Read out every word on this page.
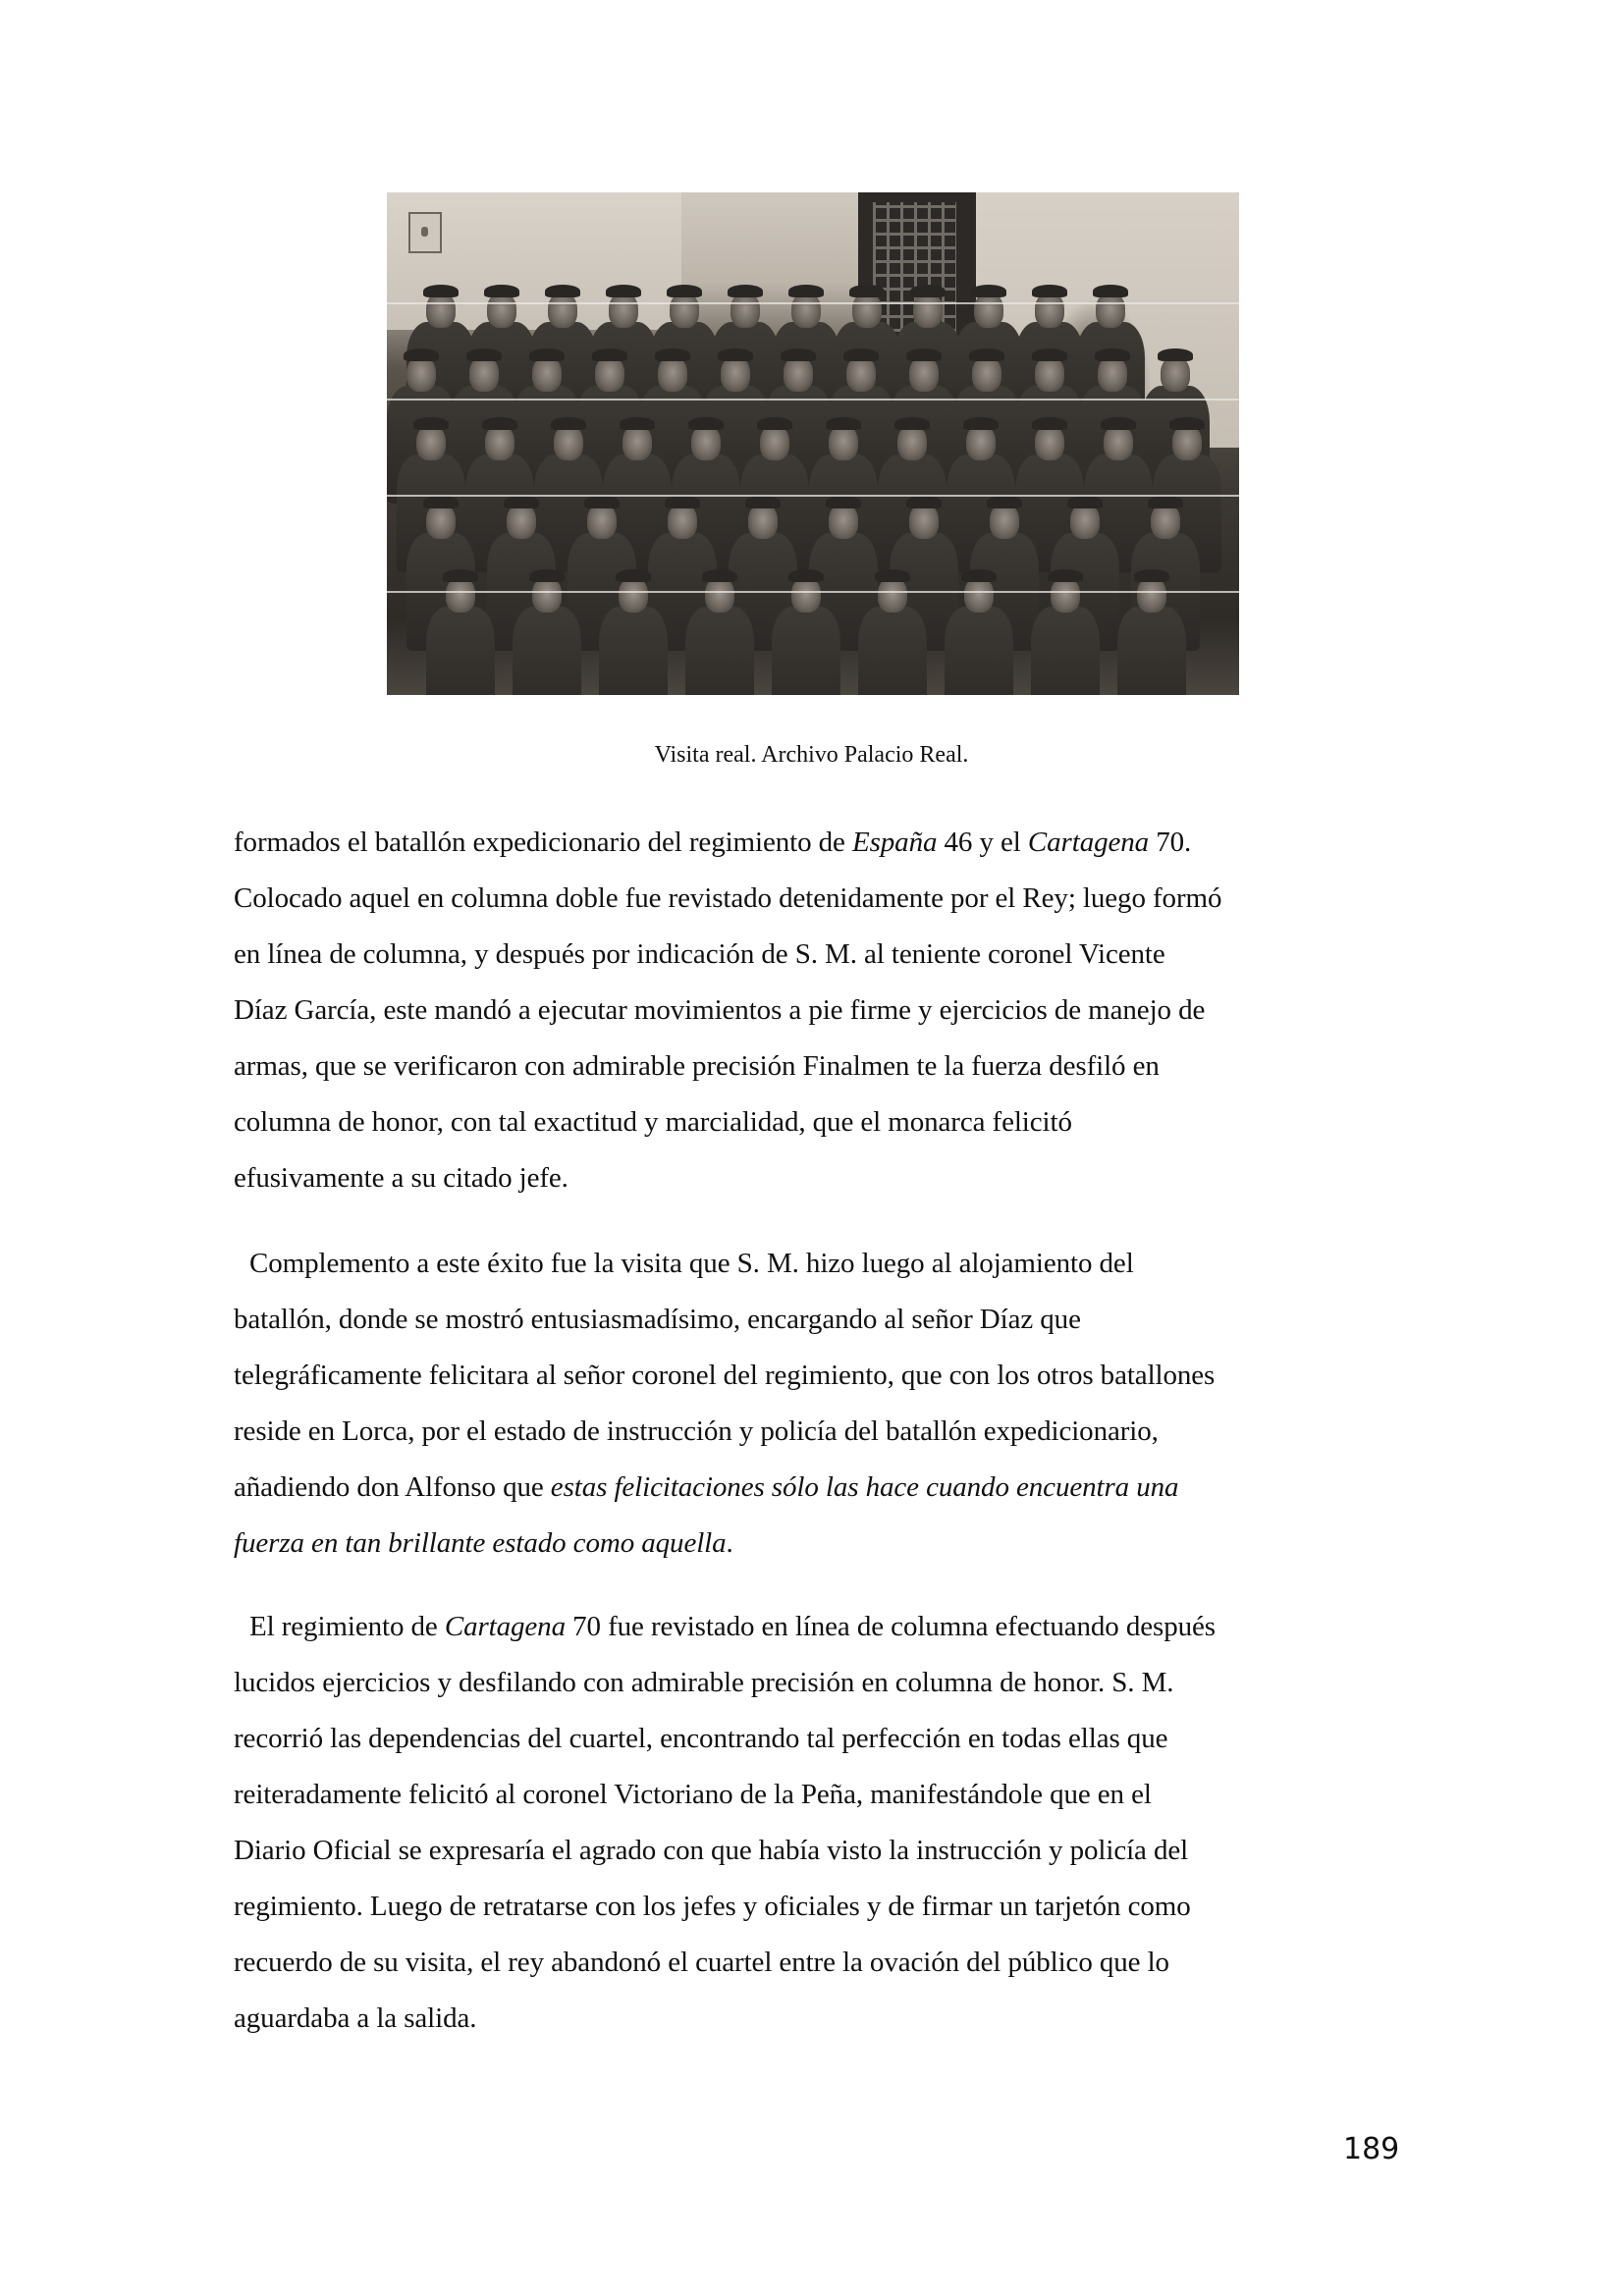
Visita real. Archivo Palacio Real.
formados el batallón expedicionario del regimiento de España 46 y el Cartagena 70.
Colocado aquel en columna doble fue revistado detenidamente por el Rey; luego formó
en línea de columna, y después por indicación de S. M. al teniente coronel Vicente
Díaz García, este mandó a ejecutar movimientos a pie firme y ejercicios de manejo de
armas, que se verificaron con admirable precisión Finalmen te la fuerza desfiló en
columna de honor, con tal exactitud y marcialidad, que el monarca felicitó
efusivamente a su citado jefe.
Complemento a este éxito fue la visita que S. M. hizo luego al alojamiento del
batallón, donde se mostró entusiasmadísimo, encargando al señor Díaz que
telegráficamente felicitara al señor coronel del regimiento, que con los otros batallones
reside en Lorca, por el estado de instrucción y policía del batallón expedicionario,
añadiendo don Alfonso que estas felicitaciones sólo las hace cuando encuentra una
fuerza en tan brillante estado como aquella.
El regimiento de Cartagena 70 fue revistado en línea de columna efectuando después
lucidos ejercicios y desfilando con admirable precisión en columna de honor. S. M.
recorrió las dependencias del cuartel, encontrando tal perfección en todas ellas que
reiteradamente felicitó al coronel Victoriano de la Peña, manifestándole que en el
Diario Oficial se expresaría el agrado con que había visto la instrucción y policía del
regimiento. Luego de retratarse con los jefes y oficiales y de firmar un tarjetón como
recuerdo de su visita, el rey abandonó el cuartel entre la ovación del público que lo
aguardaba a la salida.
189
